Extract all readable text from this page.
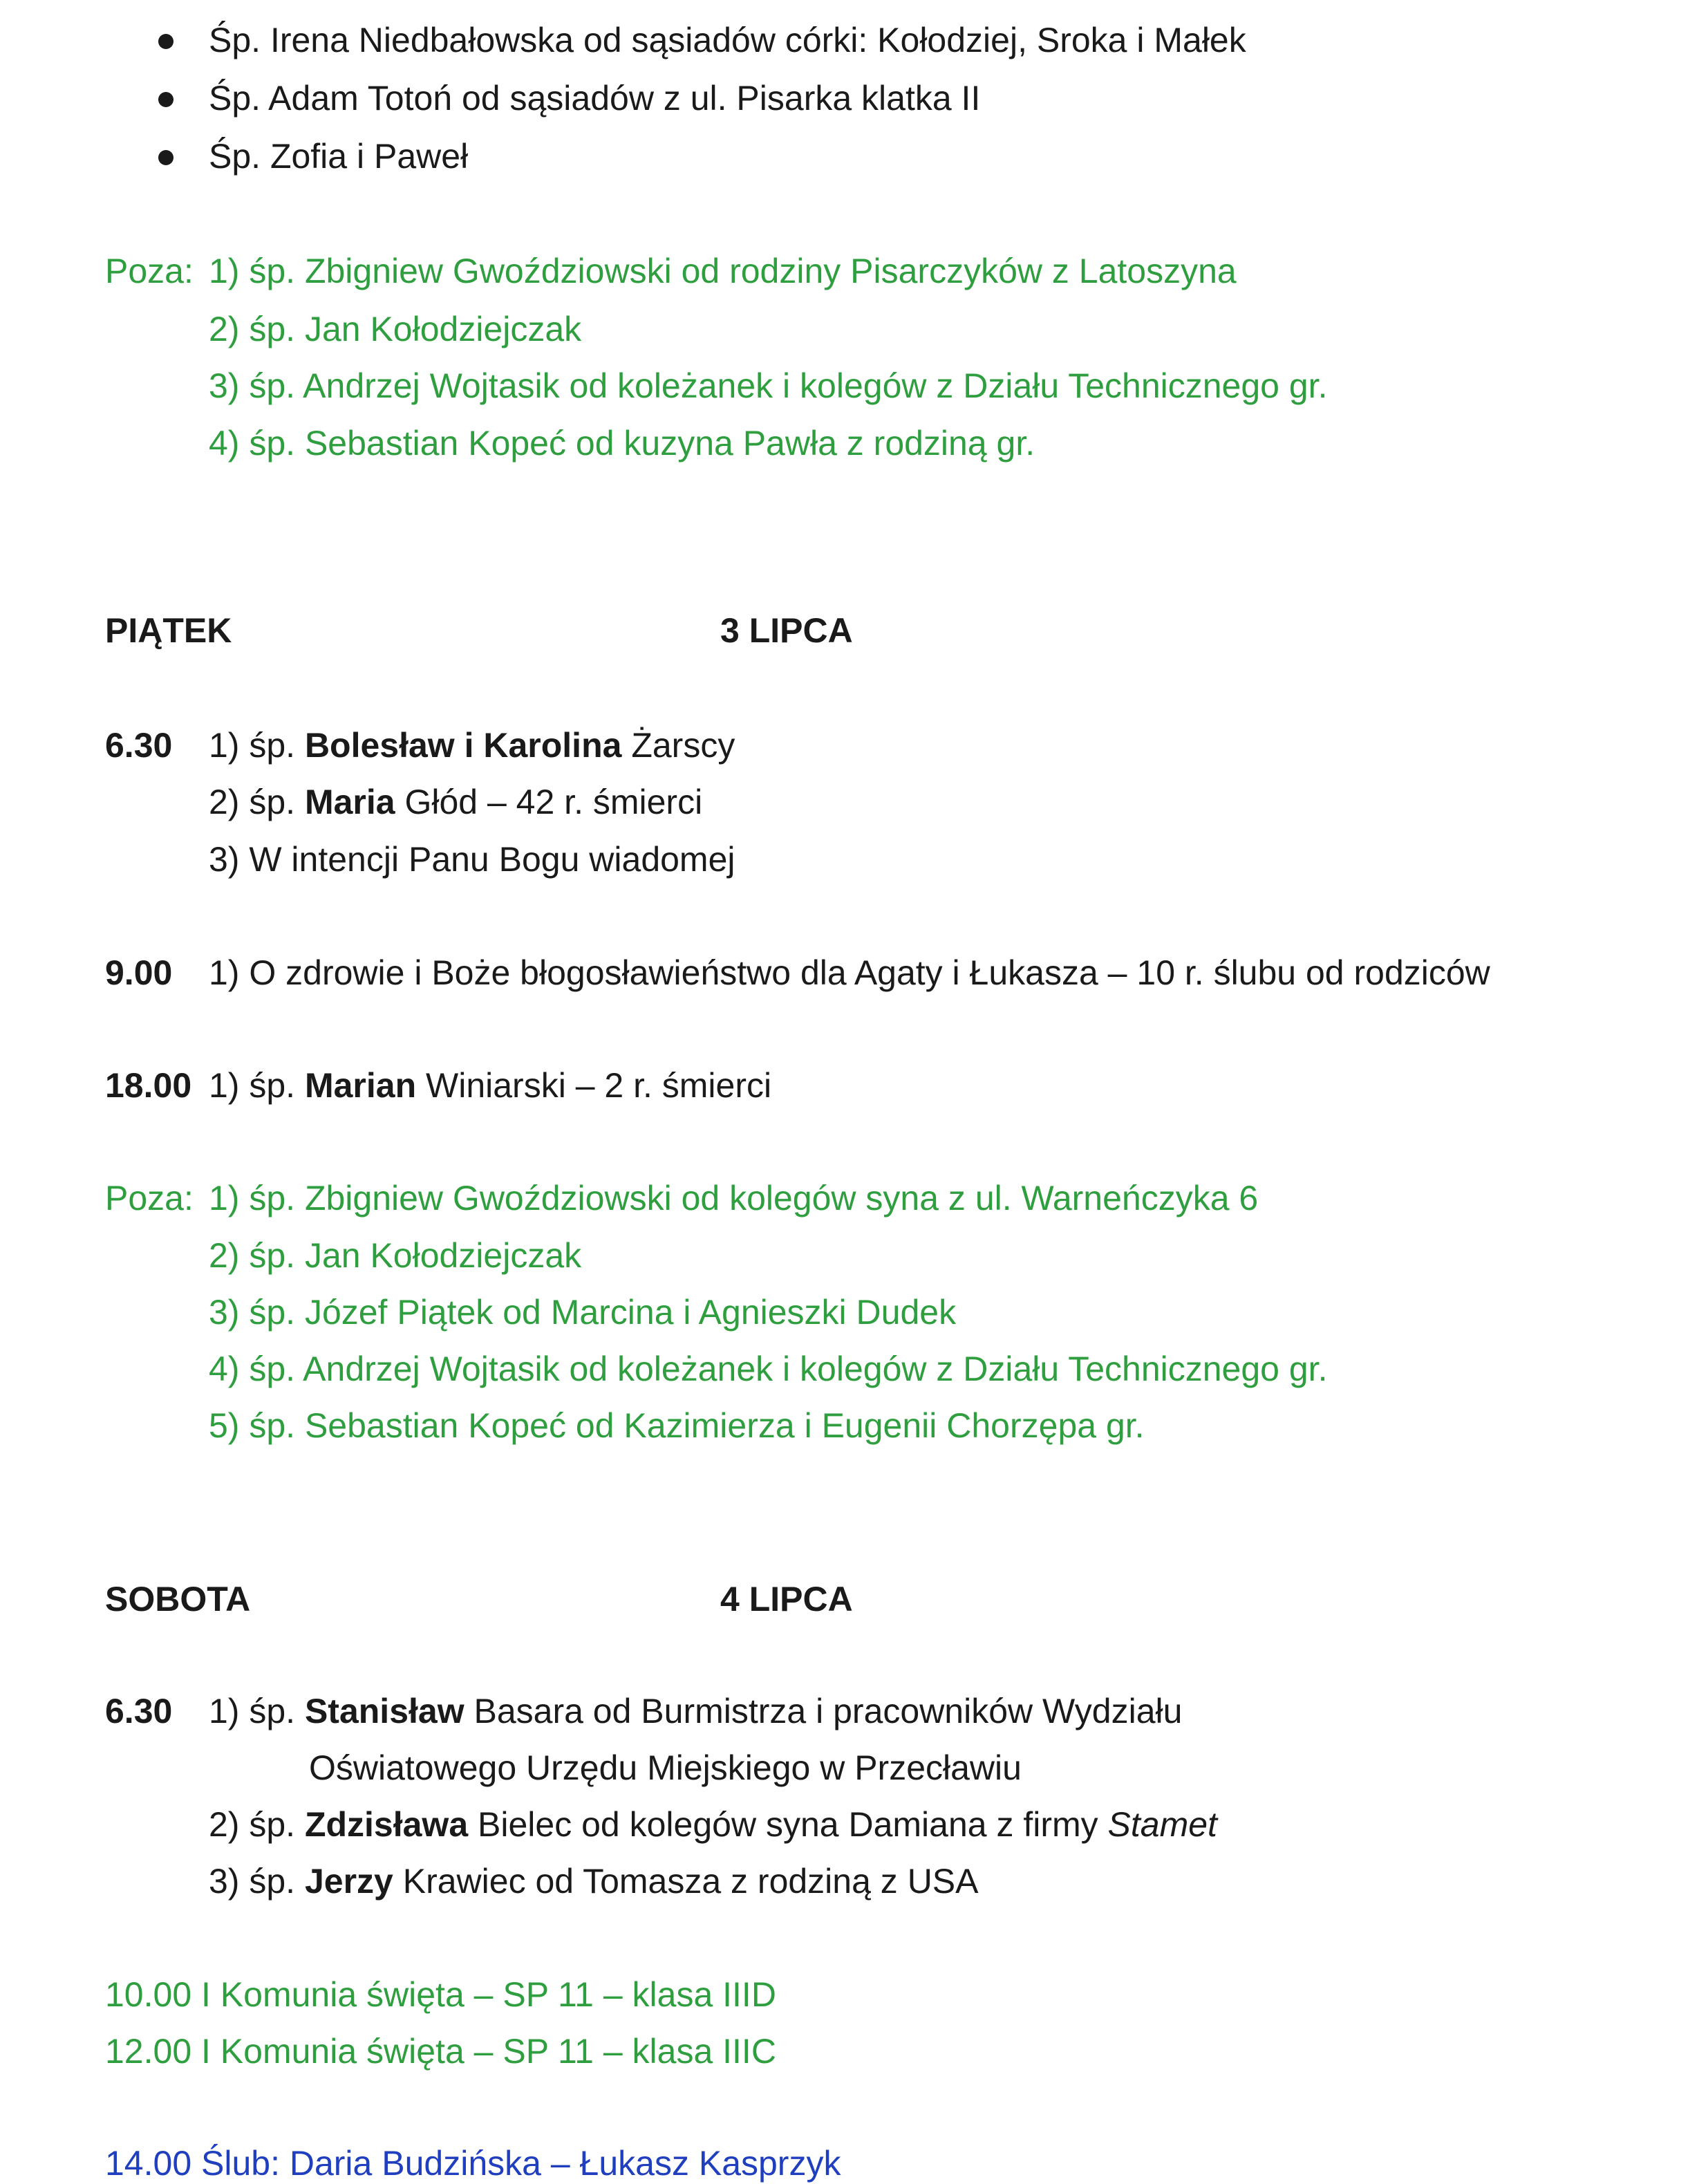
Śp. Irena Niedbałowska od sąsiadów córki: Kołodziej, Sroka i Małek
Śp. Adam Totoń od sąsiadów z ul. Pisarka klatka II
Śp. Zofia i Paweł
Poza: 1) śp. Zbigniew Gwoździowski od rodziny Pisarczyków z Latoszyna
2) śp. Jan Kołodziejczak
3) śp. Andrzej Wojtasik od koleżanek i kolegów z Działu Technicznego gr.
4) śp. Sebastian Kopeć od kuzyna Pawła z rodziną gr.
PIĄTEK	3 LIPCA
6.30 1) śp. Bolesław i Karolina Żarscy
2) śp. Maria Głód – 42 r. śmierci
3) W intencji Panu Bogu wiadomej
9.00 1) O zdrowie i Boże błogosławieństwo dla Agaty i Łukasza – 10 r. ślubu od rodziców
18.00 1) śp. Marian Winiarski – 2 r. śmierci
Poza: 1) śp. Zbigniew Gwoździowski od kolegów syna z ul. Warneńczyka 6
2) śp. Jan Kołodziejczak
3) śp. Józef Piątek od Marcina i Agnieszki Dudek
4) śp. Andrzej Wojtasik od koleżanek i kolegów z Działu Technicznego gr.
5) śp. Sebastian Kopeć od Kazimierza i Eugenii Chorzępa gr.
SOBOTA	4 LIPCA
6.30 1) śp. Stanisław Basara od Burmistrza i pracowników Wydziału
Oświatowego Urzędu Miejskiego w Przecławiu
2) śp. Zdzisława Bielec od kolegów syna Damiana z firmy Stamet
3) śp. Jerzy Krawiec od Tomasza z rodziną z USA
10.00 I Komunia święta – SP 11 – klasa IIID
12.00 I Komunia święta – SP 11 – klasa IIIC
14.00 Ślub: Daria Budzińska – Łukasz Kasprzyk
